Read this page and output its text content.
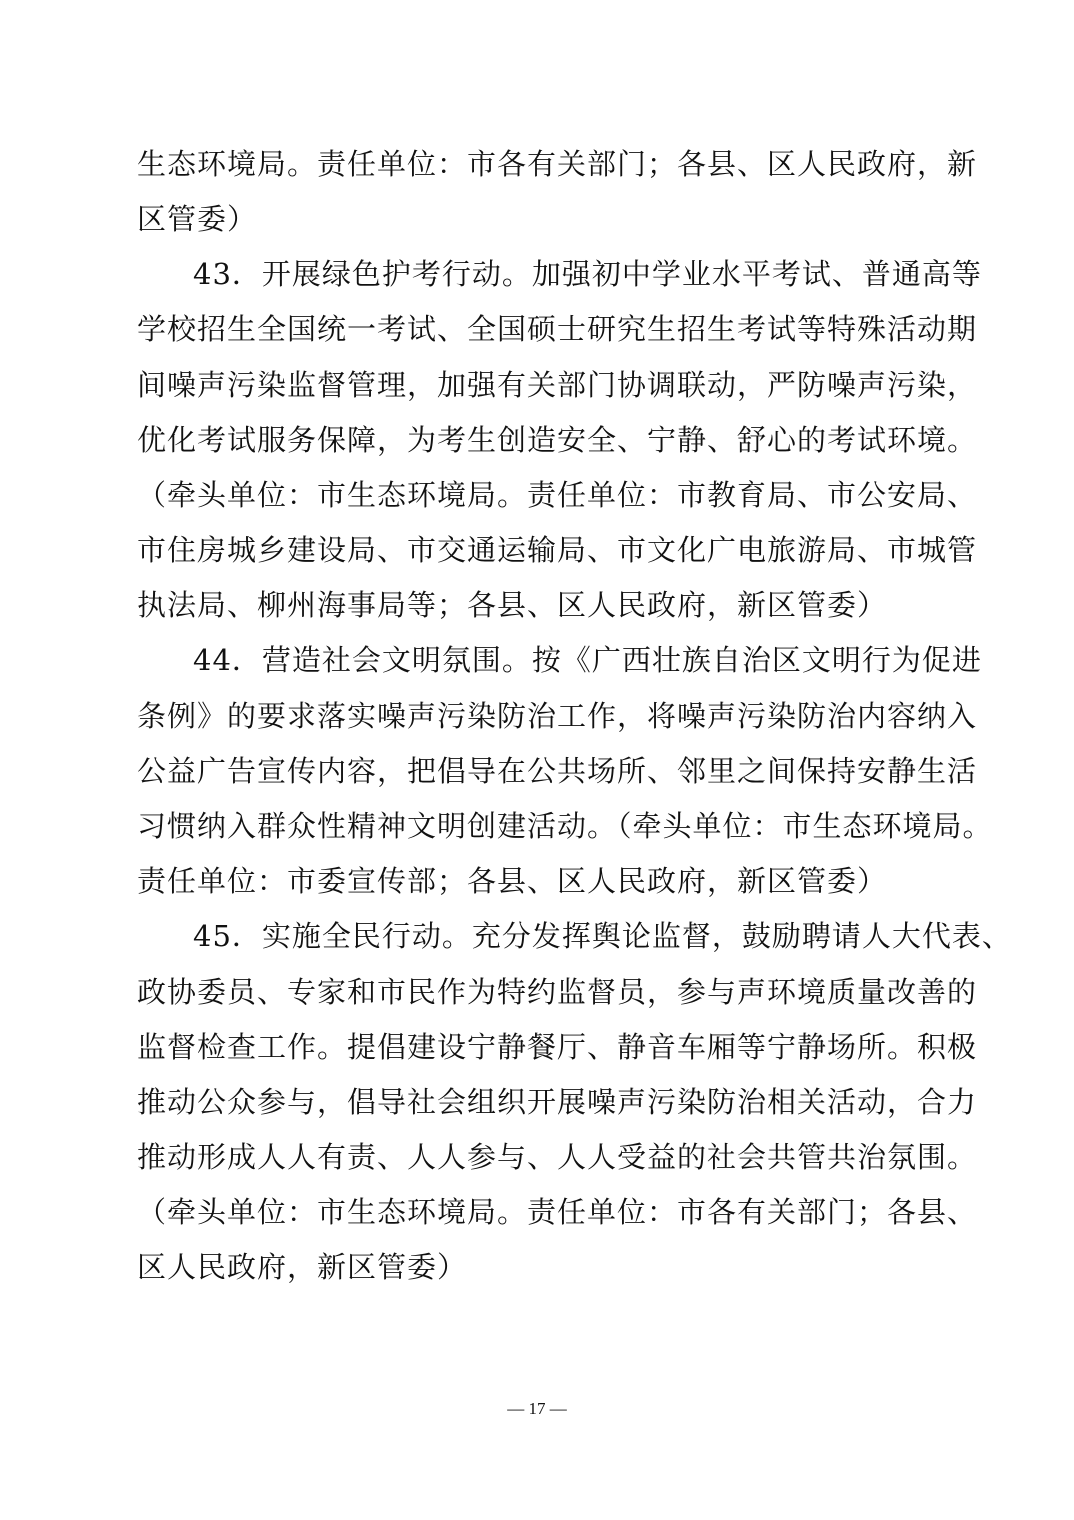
生态环境局。责任单位：市各有关部门；各县、区人民政府，新
区管委）
43．开展绿色护考行动。加强初中学业水平考试、普通高等
学校招生全国统一考试、全国硕士研究生招生考试等特殊活动期
间噪声污染监督管理，加强有关部门协调联动，严防噪声污染，
优化考试服务保障，为考生创造安全、宁静、舒心的考试环境。
（牵头单位：市生态环境局。责任单位：市教育局、市公安局、
市住房城乡建设局、市交通运输局、市文化广电旅游局、市城管
执法局、柳州海事局等；各县、区人民政府，新区管委）
44．营造社会文明氛围。按《广西壮族自治区文明行为促进
条例》的要求落实噪声污染防治工作，将噪声污染防治内容纳入
公益广告宣传内容，把倡导在公共场所、邻里之间保持安静生活
习惯纳入群众性精神文明创建活动。（牵头单位：市生态环境局。
责任单位：市委宣传部；各县、区人民政府，新区管委）
45．实施全民行动。充分发挥舆论监督，鼓励聘请人大代表、
政协委员、专家和市民作为特约监督员，参与声环境质量改善的
监督检查工作。提倡建设宁静餐厅、静音车厢等宁静场所。积极
推动公众参与，倡导社会组织开展噪声污染防治相关活动，合力
推动形成人人有责、人人参与、人人受益的社会共管共治氛围。
（牵头单位：市生态环境局。责任单位：市各有关部门；各县、
区人民政府，新区管委）
— 17 —
